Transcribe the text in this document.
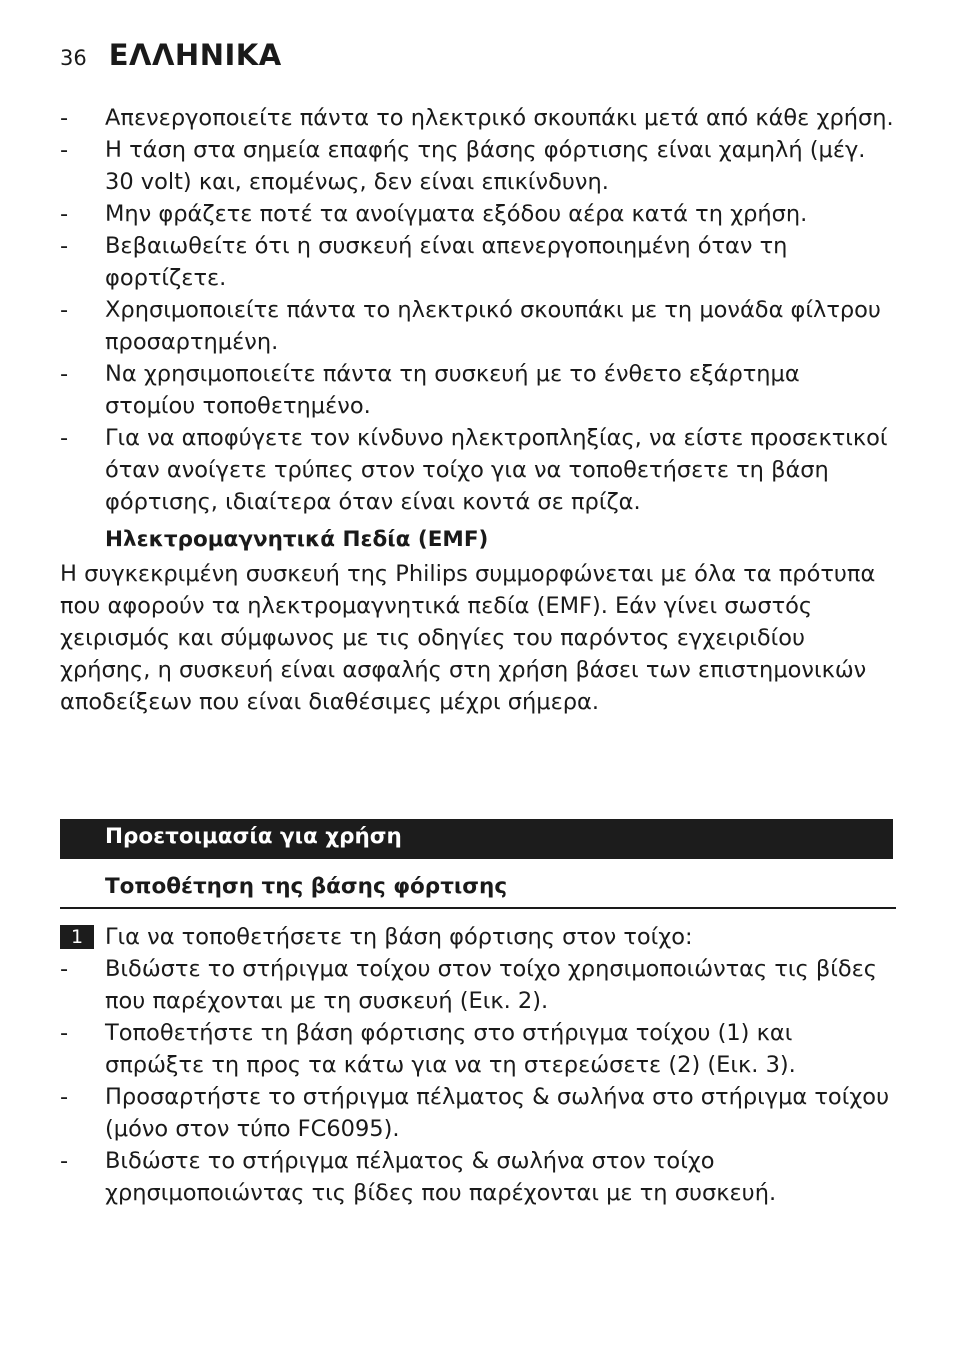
36 ΕΛΛΗΝΙΚΑ
- Απενεργοποιείτε πάντα το ηλεκτρικό σκουπάκι μετά από κάθε χρήση.
- Η τάση στα σημεία επαφής της βάσης φόρτισης είναι χαμηλή (μέγ. 30 volt) και, επομένως, δεν είναι επικίνδυνη.
- Μην φράζετε ποτέ τα ανοίγματα εξόδου αέρα κατά τη χρήση.
- Βεβαιωθείτε ότι η συσκευή είναι απενεργοποιημένη όταν τη φορτίζετε.
- Χρησιμοποιείτε πάντα το ηλεκτρικό σκουπάκι με τη μονάδα φίλτρου προσαρτημένη.
- Να χρησιμοποιείτε πάντα τη συσκευή με το ένθετο εξάρτημα στομίου τοποθετημένο.
- Για να αποφύγετε τον κίνδυνο ηλεκτροπληξίας, να είστε προσεκτικοί όταν ανοίγετε τρύπες στον τοίχο για να τοποθετήσετε τη βάση φόρτισης, ιδιαίτερα όταν είναι κοντά σε πρίζα.
Ηλεκτρομαγνητικά Πεδία (EMF)
Η συγκεκριμένη συσκευή της Philips συμμορφώνεται με όλα τα πρότυπα που αφορούν τα ηλεκτρομαγνητικά πεδία (EMF). Εάν γίνει σωστός χειρισμός και σύμφωνος με τις οδηγίες του παρόντος εγχειριδίου χρήσης, η συσκευή είναι ασφαλής στη χρήση βάσει των επιστημονικών αποδείξεων που είναι διαθέσιμες μέχρι σήμερα.
Προετοιμασία για χρήση
Τοποθέτηση της βάσης φόρτισης
1 Για να τοποθετήσετε τη βάση φόρτισης στον τοίχο:
- Βιδώστε το στήριγμα τοίχου στον τοίχο χρησιμοποιώντας τις βίδες που παρέχονται με τη συσκευή (Εικ. 2).
- Τοποθετήστε τη βάση φόρτισης στο στήριγμα τοίχου (1) και σπρώξτε τη προς τα κάτω για να τη στερεώσετε (2) (Εικ. 3).
- Προσαρτήστε το στήριγμα πέλματος & σωλήνα στο στήριγμα τοίχου (μόνο στον τύπο FC6095).
- Βιδώστε το στήριγμα πέλματος & σωλήνα στον τοίχο χρησιμοποιώντας τις βίδες που παρέχονται με τη συσκευή.
